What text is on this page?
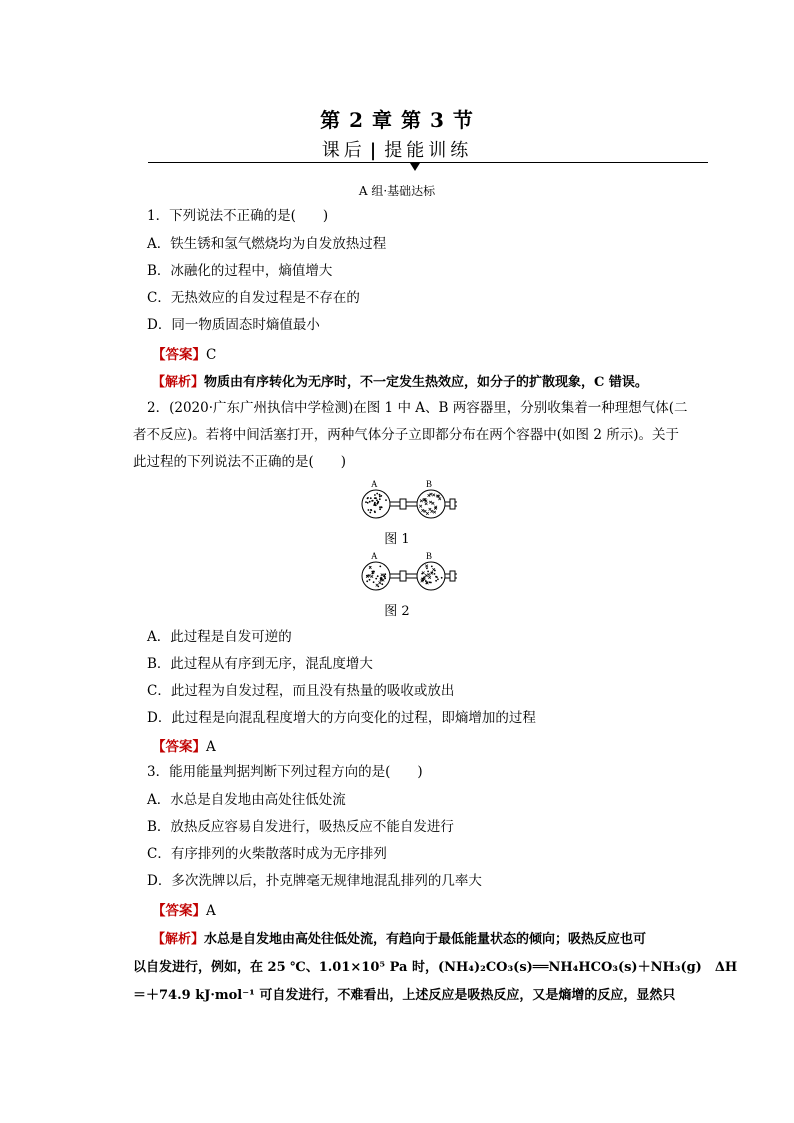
第 2 章 第 3 节
课后 | 提能训练
A 组·基础达标
1．下列说法不正确的是(　　)
A．铁生锈和氢气燃烧均为自发放热过程
B．冰融化的过程中，熵值增大
C．无热效应的自发过程是不存在的
D．同一物质固态时熵值最小
【答案】C
【解析】物质由有序转化为无序时，不一定发生热效应，如分子的扩散现象，C 错误。
2．(2020·广东广州执信中学检测)在图 1 中 A、B 两容器里，分别收集着一种理想气体(二
者不反应)。若将中间活塞打开，两种气体分子立即都分布在两个容器中(如图 2 所示)。关于
此过程的下列说法不正确的是(　　)
A	B
图 1
A	B
图 2
A．此过程是自发可逆的
B．此过程从有序到无序，混乱度增大
C．此过程为自发过程，而且没有热量的吸收或放出
D．此过程是向混乱程度增大的方向变化的过程，即熵增加的过程
【答案】A
3．能用能量判据判断下列过程方向的是(　　)
A．水总是自发地由高处往低处流
B．放热反应容易自发进行，吸热反应不能自发进行
C．有序排列的火柴散落时成为无序排列
D．多次洗牌以后，扑克牌毫无规律地混乱排列的几率大
【答案】A
【解析】水总是自发地由高处往低处流，有趋向于最低能量状态的倾向；吸热反应也可
以自发进行，例如，在 25 ℃、1.01×10⁵ Pa 时，(NH₄)₂CO₃(s)══NH₄HCO₃(s)＋NH₃(g)　ΔH
＝＋74.9 kJ·mol⁻¹ 可自发进行，不难看出，上述反应是吸热反应，又是熵增的反应，显然只
